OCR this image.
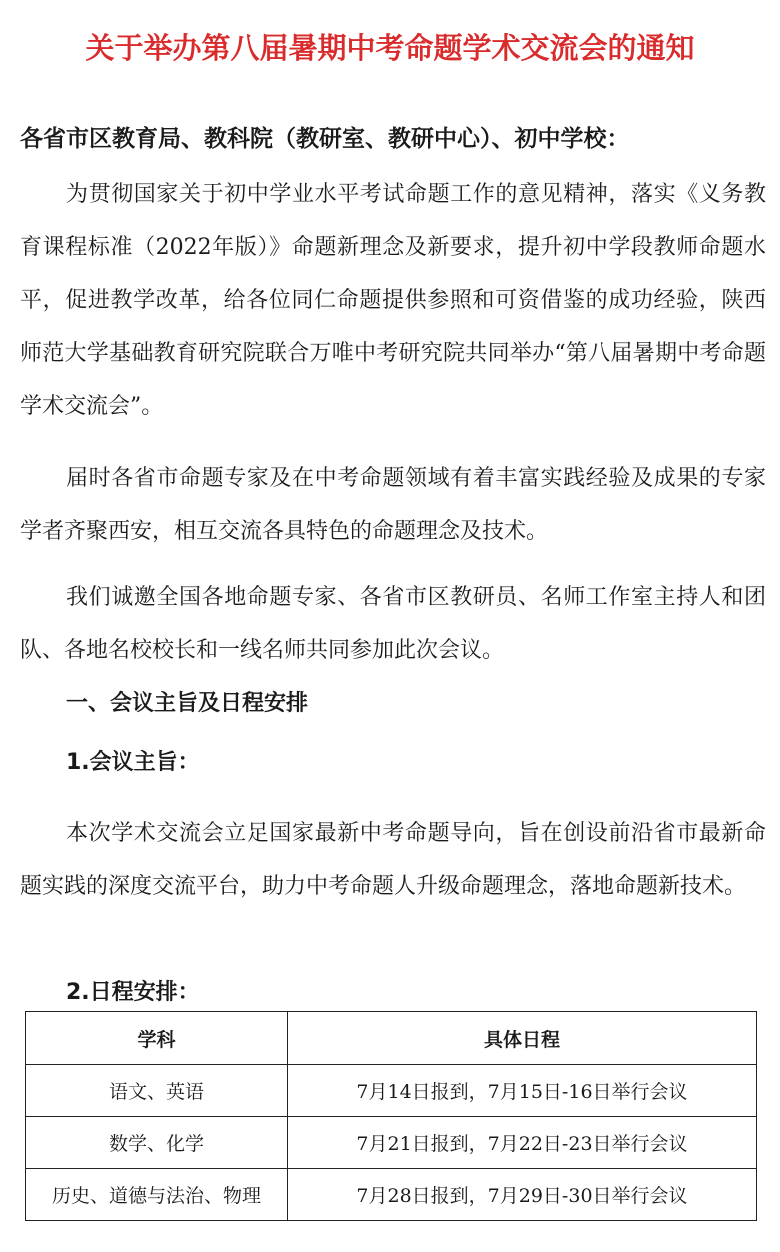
关于举办第八届暑期中考命题学术交流会的通知
各省市区教育局、教科院（教研室、教研中心）、初中学校：
为贯彻国家关于初中学业水平考试命题工作的意见精神，落实《义务教育课程标准（2022年版）》命题新理念及新要求，提升初中学段教师命题水平，促进教学改革，给各位同仁命题提供参照和可资借鉴的成功经验，陕西师范大学基础教育研究院联合万唯中考研究院共同举办“第八届暑期中考命题学术交流会”。
届时各省市命题专家及在中考命题领域有着丰富实践经验及成果的专家学者齐聚西安，相互交流各具特色的命题理念及技术。
我们诚邀全国各地命题专家、各省市区教研员、名师工作室主持人和团队、各地名校校长和一线名师共同参加此次会议。
一、会议主旨及日程安排
1.会议主旨：
本次学术交流会立足国家最新中考命题导向，旨在创设前沿省市最新命题实践的深度交流平台，助力中考命题人升级命题理念，落地命题新技术。
2.日程安排：
学科	具体日程
语文、英语	7月14日报到，7月15日-16日举行会议
数学、化学	7月21日报到，7月22日-23日举行会议
历史、道德与法治、物理	7月28日报到，7月29日-30日举行会议
